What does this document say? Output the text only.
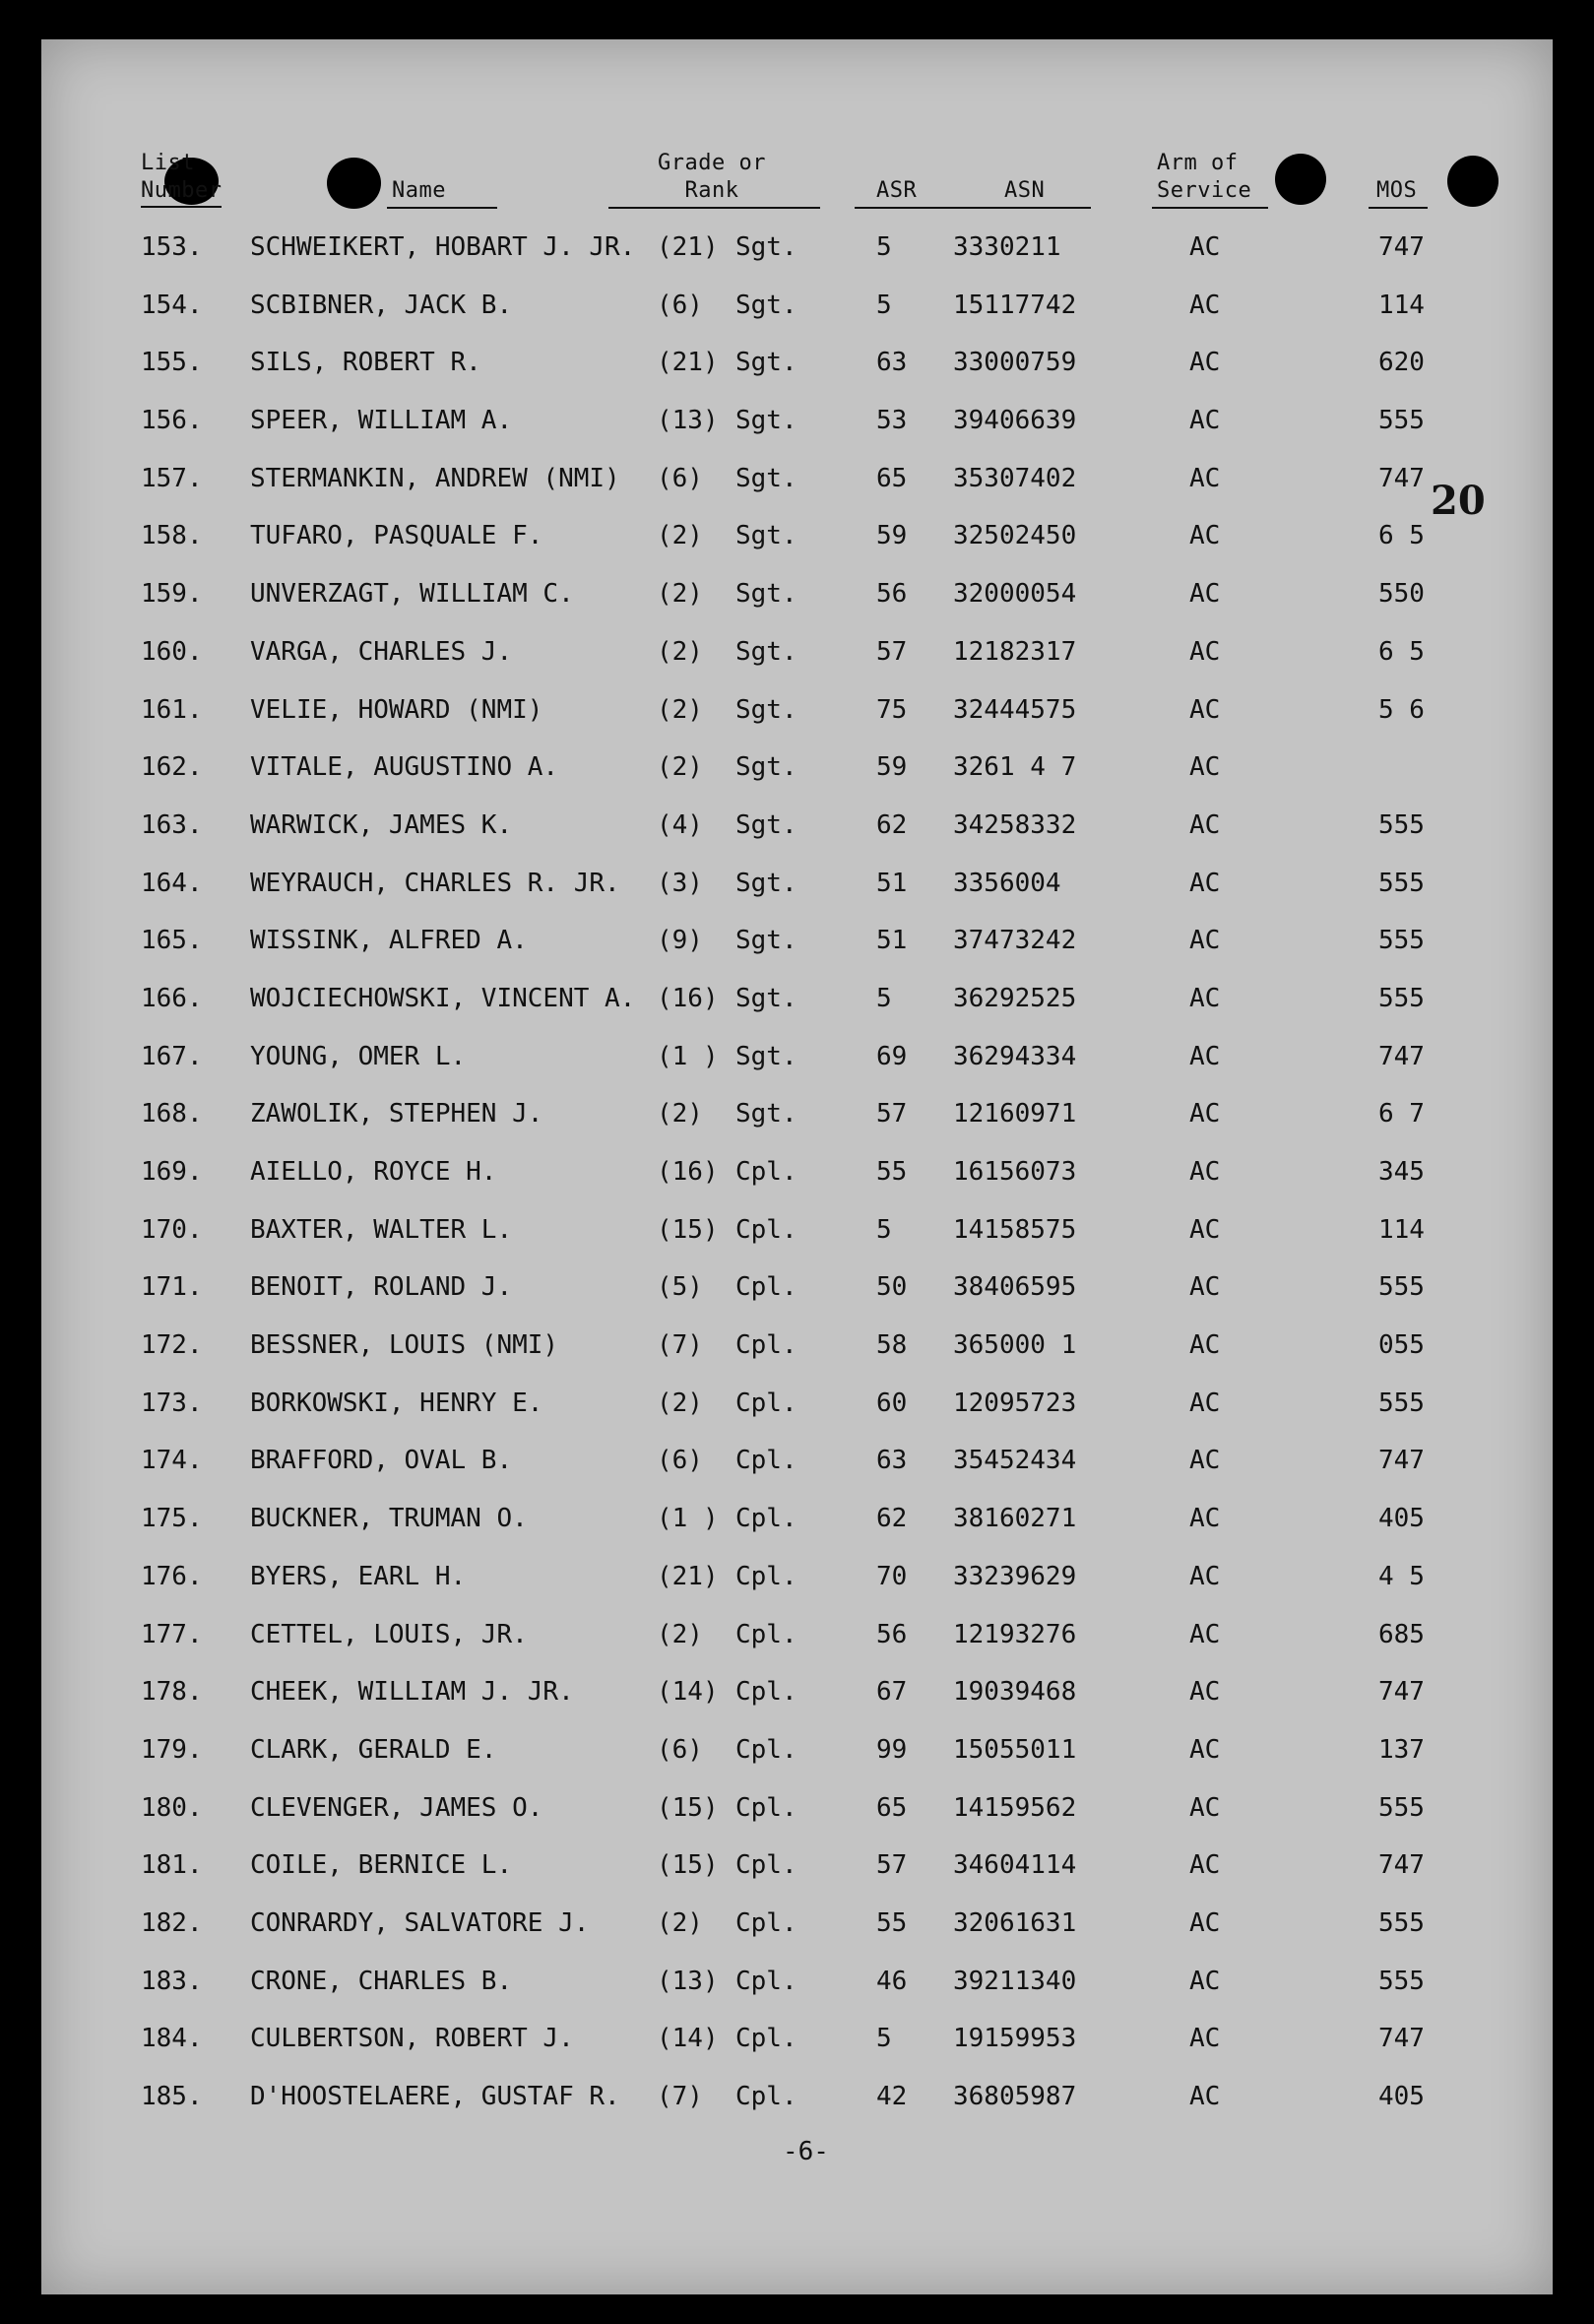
List
Number	Name
Grade or
Rank	ASR	ASN
Arm of
Service	MOS
153. SCHWEIKERT, HOBART J. JR. (21) Sgt.	5 3330211	AC	747
154. SCBIBNER, JACK B.	(6) Sgt.	5 15117742	AC	114
155. SILS, ROBERT R.	(21) Sgt.	63 33000759	AC	620
156. SPEER, WILLIAM A.	(13) Sgt.	53 39406639	AC	555
157. STERMANKIN, ANDREW (NMI) (6) Sgt.	65 35307402	AC	747
158. TUFARO, PASQUALE F.	(2) Sgt.	59 32502450	AC	6 5
159. UNVERZAGT, WILLIAM C.	(2) Sgt.	56 32000054	AC	550
160. VARGA, CHARLES J.	(2) Sgt.	57 12182317	AC	6 5
161. VELIE, HOWARD (NMI)	(2) Sgt.	75 32444575	AC	5 6
162. VITALE, AUGUSTINO A.	(2) Sgt.	59 3261 4 7	AC
163. WARWICK, JAMES K.	(4) Sgt.	62 34258332	AC	555
164. WEYRAUCH, CHARLES R. JR. (3) Sgt.	51 3356004	AC	555
165. WISSINK, ALFRED A.	(9) Sgt.	51 37473242	AC	555
166. WOJCIECHOWSKI, VINCENT A. (16) Sgt.	5 36292525	AC	555
167. YOUNG, OMER L.	(1 ) Sgt.	69 36294334	AC	747
168. ZAWOLIK, STEPHEN J.	(2) Sgt.	57 12160971	AC	6 7
169. AIELLO, ROYCE H.	(16) Cpl.	55 16156073	AC	345
170. BAXTER, WALTER L.	(15) Cpl.	5 14158575	AC	114
171. BENOIT, ROLAND J.	(5) Cpl.	50 38406595	AC	555
172. BESSNER, LOUIS (NMI)	(7) Cpl.	58 365000 1	AC	055
173. BORKOWSKI, HENRY E.	(2) Cpl.	60 12095723	AC	555
174. BRAFFORD, OVAL B.	(6) Cpl.	63 35452434	AC	747
175. BUCKNER, TRUMAN O.	(1 ) Cpl.	62 38160271	AC	405
176. BYERS, EARL H.	(21) Cpl.	70 33239629	AC	4 5
177. CETTEL, LOUIS, JR.	(2) Cpl.	56 12193276	AC	685
178. CHEEK, WILLIAM J. JR.	(14) Cpl.	67 19039468	AC	747
179. CLARK, GERALD E.	(6) Cpl.	99 15055011	AC	137
180. CLEVENGER, JAMES O.	(15) Cpl.	65 14159562	AC	555
181. COILE, BERNICE L.	(15) Cpl.	57 34604114	AC	747
182. CONRARDY, SALVATORE J.	(2) Cpl.	55 32061631	AC	555
183. CRONE, CHARLES B.	(13) Cpl.	46 39211340	AC	555
184. CULBERTSON, ROBERT J.	(14) Cpl.	5 19159953	AC	747
185. D'HOOSTELAERE, GUSTAF R. (7) Cpl.	42 36805987	AC	405
20
-6-
